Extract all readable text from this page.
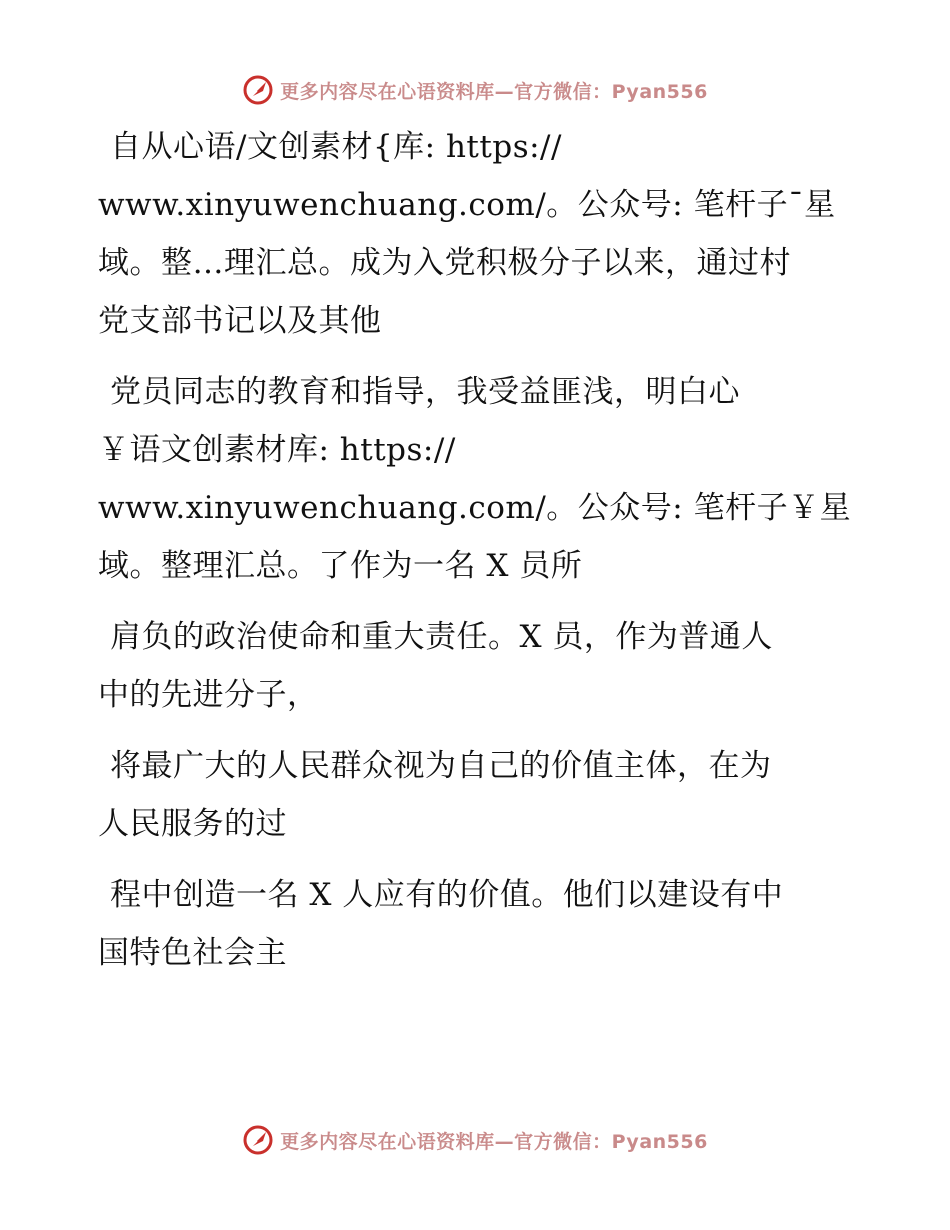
更多内容尽在心语资料库—官方微信：Pyan556
自从心语/文创素材{库: https://
www.xinyuwenchuang.com/。公众号: 笔杆子¯星
域。整…理汇总。成为入党积极分子以来，通过村
党支部书记以及其他
党员同志的教育和指导，我受益匪浅，明白心
￥语文创素材库: https://
www.xinyuwenchuang.com/。公众号: 笔杆子￥星
域。整理汇总。了作为一名 X 员所
肩负的政治使命和重大责任。X 员，作为普通人
中的先进分子，
将最广大的人民群众视为自己的价值主体，在为
人民服务的过
程中创造一名 X 人应有的价值。他们以建设有中
国特色社会主
更多内容尽在心语资料库—官方微信：Pyan556
